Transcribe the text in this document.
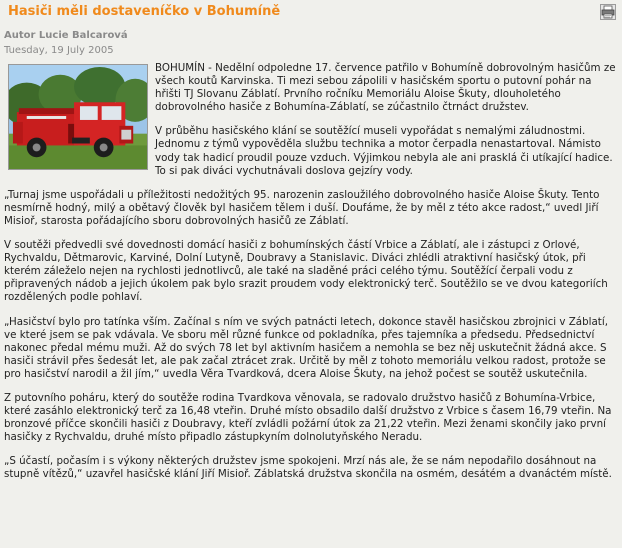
Hasiči měli dostaveníčko v Bohumíně
Autor Lucie Balcarová
Tuesday, 19 July 2005

BOHUMÍN - Nedělní odpoledne 17. července patřilo v Bohumíně dobrovolným hasičům ze všech koutů Karvinska. Ti mezi sebou zápolili v hasičském sportu o putovní pohár na hřišti TJ Slovanu Záblatí. Prvního ročníku Memoriálu Aloise Škuty, dlouholetého dobrovolného hasiče z Bohumína-Záblatí, se zúčastnilo čtrnáct družstev.

V průběhu hasičského klání se soutěžící museli vypořádat s nemalými záludnostmi. Jednomu z týmů vypověděla službu technika a motor čerpadla nenastartoval. Námisto vody tak hadicí proudil pouze vzduch. Výjimkou nebyla ale ani prasklá či utíkající hadice. To si pak diváci vychutnávali doslova gejzíry vody.

„Turnaj jsme uspořádali u příležitosti nedožitých 95. narozenin zasloužilého dobrovolného hasiče Aloise Škuty. Tento nesmírně hodný, milý a obětavý člověk byl hasičem tělem i duší. Doufáme, že by měl z této akce radost,“ uvedl Jiří Misioř, starosta pořádajícího sboru dobrovolných hasičů ze Záblatí.

V soutěži předvedli své dovednosti domácí hasiči z bohumínských částí Vrbice a Záblatí, ale i zástupci z Orlové, Rychvaldu, Dětmarovic, Karviné, Dolní Lutyně, Doubravy a Stanislavic. Diváci zhlédli atraktivní hasičský útok, při kterém záleželo nejen na rychlosti jednotlivců, ale také na sladěné práci celého týmu. Soutěžící čerpali vodu z připravených nádob a jejich úkolem pak bylo srazit proudem vody elektronický terč. Soutěžilo se ve dvou kategoriích rozdělených podle pohlaví.

„Hasičství bylo pro tatínka vším. Začínal s ním ve svých patnácti letech, dokonce stavěl hasičskou zbrojnici v Záblatí, ve které jsem se pak vdávala. Ve sboru měl různé funkce od pokladníka, přes tajemníka a předsedu. Předsednictví nakonec předal mému muži. Až do svých 78 let byl aktivním hasičem a nemohla se bez něj uskutečnit žádná akce. S hasiči strávil přes šedesát let, ale pak začal ztrácet zrak. Určitě by měl z tohoto memoriálu velkou radost, protože se pro hasičství narodil a žil jím,“ uvedla Věra Tvardková, dcera Aloise Škuty, na jehož počest se soutěž uskutečnila.

Z putovního poháru, který do soutěže rodina Tvardkova věnovala, se radovalo družstvo hasičů z Bohumína-Vrbice, které zasáhlo elektronický terč za 16,48 vteřin. Druhé místo obsadilo další družstvo z Vrbice s časem 16,79 vteřin. Na bronzové příčce skončili hasiči z Doubravy, kteří zvládli požární útok za 21,22 vteřin. Mezi ženami skončily jako první hasičky z Rychvaldu, druhé místo připadlo zástupkyním dolnolutyňského Neradu.

„S účastí, počasím i s výkony některých družstev jsme spokojeni. Mrzí nás ale, že se nám nepodařilo dosáhnout na stupně vítězů,“ uzavřel hasičské klání Jiří Misioř. Záblatská družstva skončila na osmém, desátém a dvanáctém místě.
